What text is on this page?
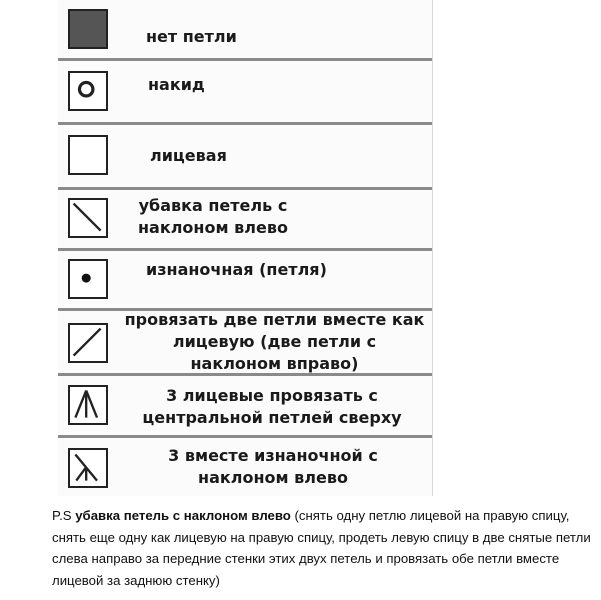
нет петли
накид
лицевая
убавка петель с
наклоном влево
изнаночная (петля)
провязать две петли вместе как
лицевую (две петли с
наклоном вправо)
3 лицевые провязать с
центральной петлей сверху
3 вместе изнаночной с
наклоном влево
P.S убавка петель с наклоном влево (снять одну петлю лицевой на правую спицу, снять еще одну как лицевую на правую спицу, продеть левую спицу в две снятые петли слева направо за передние стенки этих двух петель и провязать обе петли вместе лицевой за заднюю стенку)
